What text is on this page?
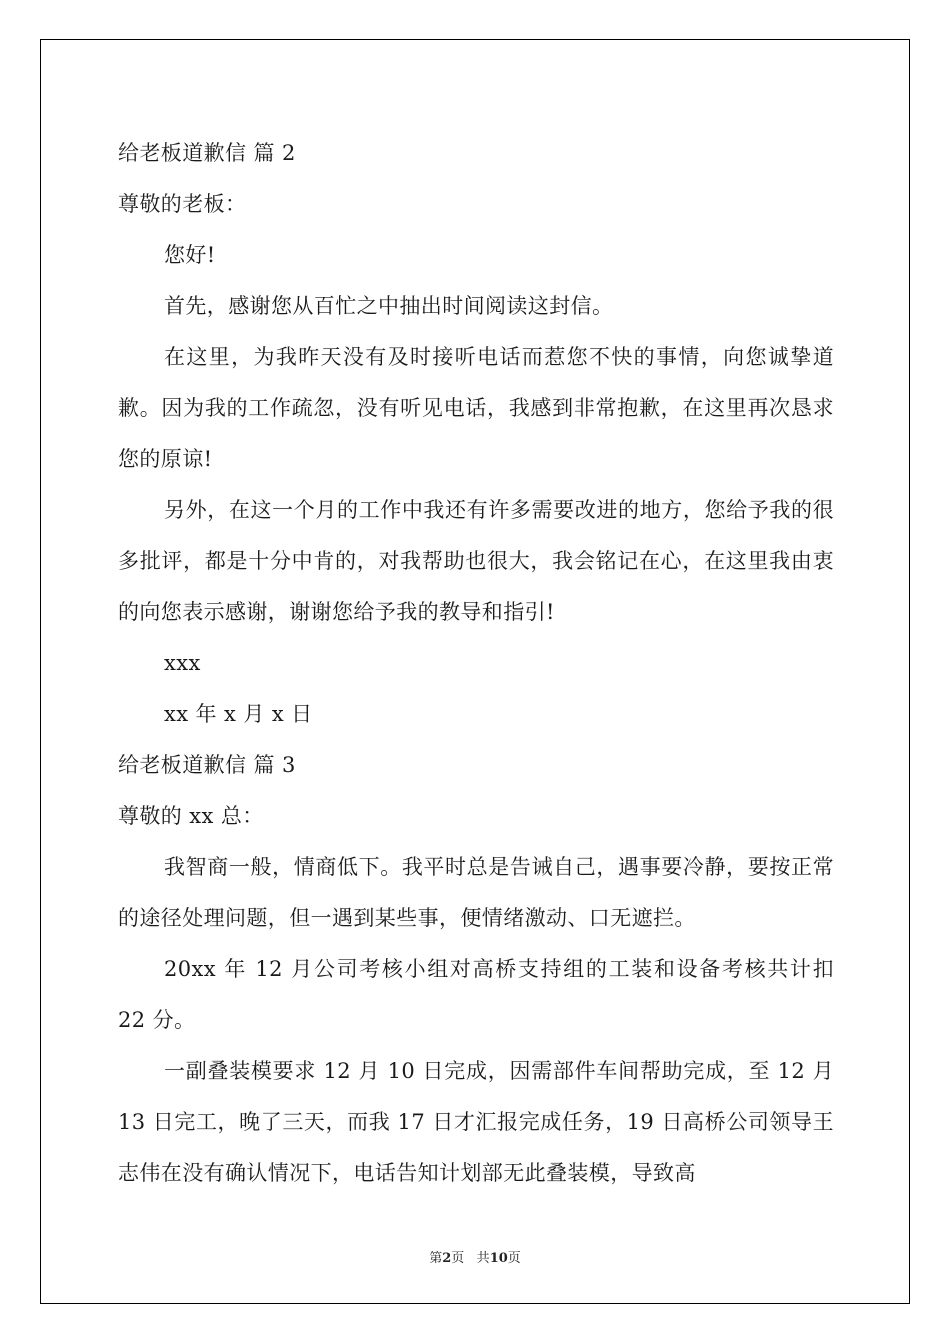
给老板道歉信 篇 2

尊敬的老板：

您好!

首先，感谢您从百忙之中抽出时间阅读这封信。

在这里，为我昨天没有及时接听电话而惹您不快的事情，向您诚挚道歉。因为我的工作疏忽，没有听见电话，我感到非常抱歉，在这里再次恳求您的原谅!

另外，在这一个月的工作中我还有许多需要改进的地方，您给予我的很多批评，都是十分中肯的，对我帮助也很大，我会铭记在心，在这里我由衷的向您表示感谢，谢谢您给予我的教导和指引!

xxx

xx 年 x 月 x 日

给老板道歉信 篇 3

尊敬的 xx 总：

我智商一般，情商低下。我平时总是告诫自己，遇事要冷静，要按正常的途径处理问题，但一遇到某些事，便情绪激动、口无遮拦。

20xx 年 12 月公司考核小组对高桥支持组的工装和设备考核共计扣 22 分。

一副叠装模要求 12 月 10 日完成，因需部件车间帮助完成，至 12 月 13 日完工，晚了三天，而我 17 日才汇报完成任务，19 日高桥公司领导王志伟在没有确认情况下，电话告知计划部无此叠装模，导致高

第2页 共10页
